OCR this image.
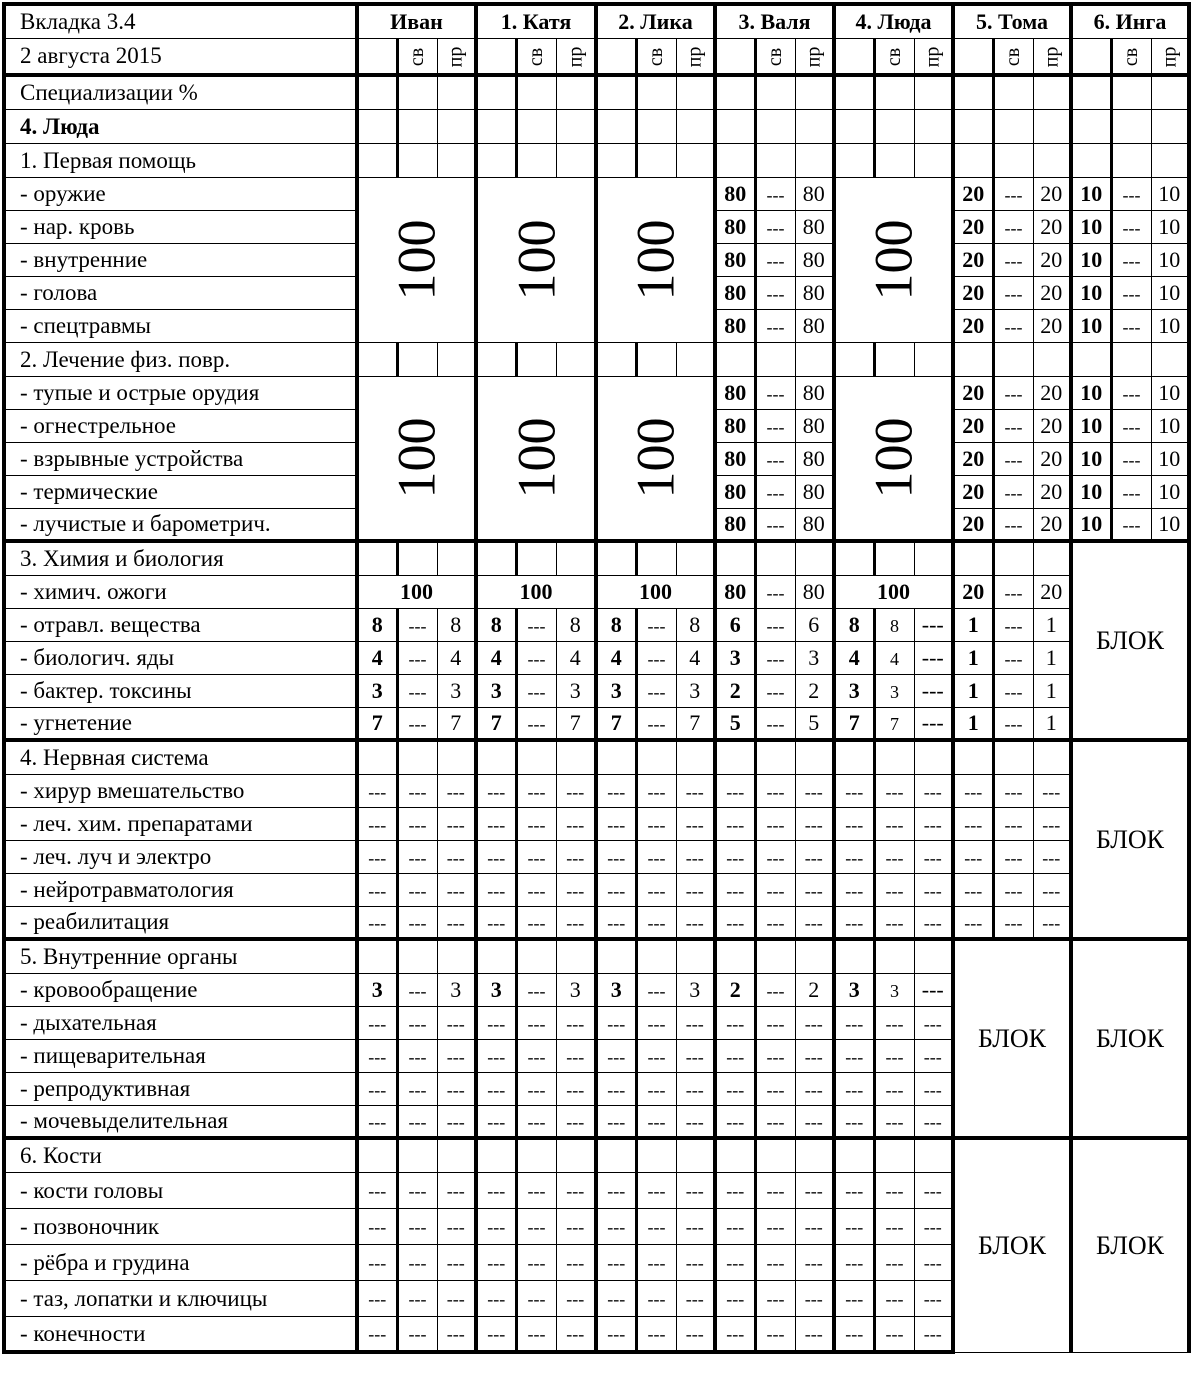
Вкладка 3.4	Иван			1. Катя			2. Лика			3. Валя			4. Люда			5. Тома			6. Инга		
2 августа 2015		св	пр		св	пр		св	пр		св	пр		св	пр		св	пр		св	пр
Специализации %																					
4. Люда																					
1. Первая помощь																					
- оружие	100			100			100			80	---	80	100			20	---	20	10	---	10
- нар. кровь										80	---	80				20	---	20	10	---	10
- внутренние										80	---	80				20	---	20	10	---	10
- голова										80	---	80				20	---	20	10	---	10
- спецтравмы										80	---	80				20	---	20	10	---	10
2. Лечение физ. повр.																					
- тупые и острые орудия	100			100			100			80	---	80	100			20	---	20	10	---	10
- огнестрельное										80	---	80				20	---	20	10	---	10
- взрывные устройства										80	---	80				20	---	20	10	---	10
- термические										80	---	80				20	---	20	10	---	10
- лучистые и барометрич.										80	---	80				20	---	20	10	---	10
3. Химия и биология																			БЛОК		
- химич. ожоги	100			100			100			80	---	80	100			20	---	20			
- отравл. вещества	8	---	8	8	---	8	8	---	8	6	---	6	8	8	---	1	---	1			
- биологич. яды	4	---	4	4	---	4	4	---	4	3	---	3	4	4	---	1	---	1			
- бактер. токсины	3	---	3	3	---	3	3	---	3	2	---	2	3	3	---	1	---	1			
- угнетение	7	---	7	7	---	7	7	---	7	5	---	5	7	7	---	1	---	1			
4. Нервная система																			БЛОК		
- хирур вмешательство	---	---	---	---	---	---	---	---	---	---	---	---	---	---	---	---	---	---			
- леч. хим. препаратами	---	---	---	---	---	---	---	---	---	---	---	---	---	---	---	---	---	---			
- леч. луч и электро	---	---	---	---	---	---	---	---	---	---	---	---	---	---	---	---	---	---			
- нейротравматология	---	---	---	---	---	---	---	---	---	---	---	---	---	---	---	---	---	---			
- реабилитация	---	---	---	---	---	---	---	---	---	---	---	---	---	---	---	---	---	---			
5. Внутренние органы																БЛОК			БЛОК		
- кровообращение	3	---	3	3	---	3	3	---	3	2	---	2	3	3	---						
- дыхательная	---	---	---	---	---	---	---	---	---	---	---	---	---	---	---						
- пищеварительная	---	---	---	---	---	---	---	---	---	---	---	---	---	---	---						
- репродуктивная	---	---	---	---	---	---	---	---	---	---	---	---	---	---	---						
- мочевыделительная	---	---	---	---	---	---	---	---	---	---	---	---	---	---	---						
6. Кости																БЛОК			БЛОК		
- кости головы	---	---	---	---	---	---	---	---	---	---	---	---	---	---	---						
- позвоночник	---	---	---	---	---	---	---	---	---	---	---	---	---	---	---						
- рёбра и грудина	---	---	---	---	---	---	---	---	---	---	---	---	---	---	---						
- таз, лопатки и ключицы	---	---	---	---	---	---	---	---	---	---	---	---	---	---	---						
- конечности	---	---	---	---	---	---	---	---	---	---	---	---	---	---	---						
